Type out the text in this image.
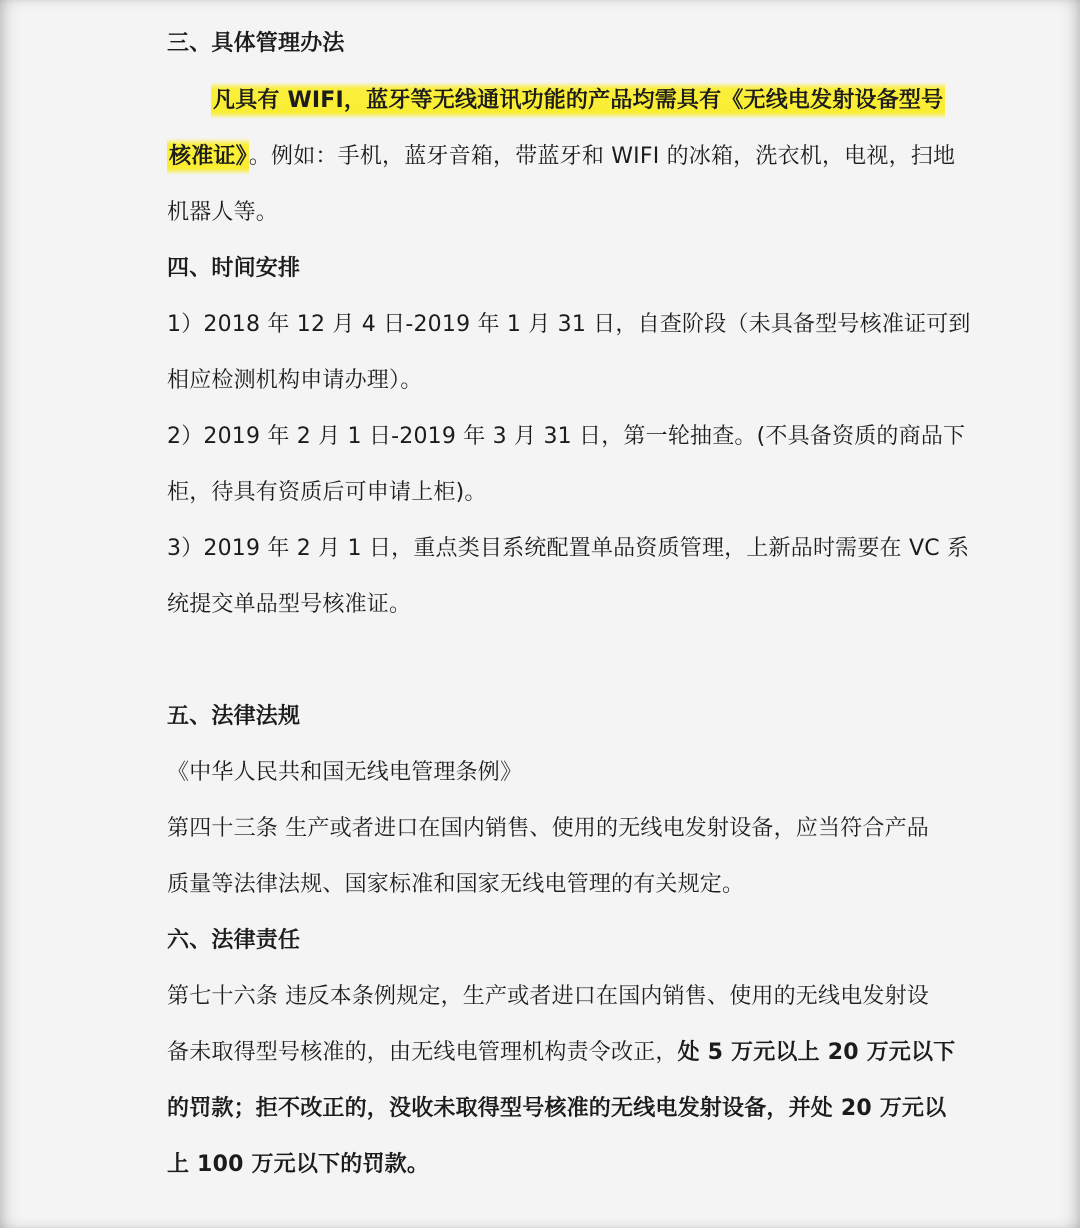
三、具体管理办法
凡具有 WIFI，蓝牙等无线通讯功能的产品均需具有《无线电发射设备型号
核准证》。例如：手机，蓝牙音箱，带蓝牙和 WIFI 的冰箱，洗衣机，电视，扫地
机器人等。
四、时间安排
1）2018 年 12 月 4 日-2019 年 1 月 31 日，自查阶段（未具备型号核准证可到
相应检测机构申请办理）。
2）2019 年 2 月 1 日-2019 年 3 月 31 日，第一轮抽查。(不具备资质的商品下
柜，待具有资质后可申请上柜)。
3）2019 年 2 月 1 日，重点类目系统配置单品资质管理，上新品时需要在 VC 系
统提交单品型号核准证。
五、法律法规
《中华人民共和国无线电管理条例》
第四十三条 生产或者进口在国内销售、使用的无线电发射设备，应当符合产品
质量等法律法规、国家标准和国家无线电管理的有关规定。
六、法律责任
第七十六条 违反本条例规定，生产或者进口在国内销售、使用的无线电发射设
备未取得型号核准的，由无线电管理机构责令改正，处 5 万元以上 20 万元以下
的罚款；拒不改正的，没收未取得型号核准的无线电发射设备，并处 20 万元以
上 100 万元以下的罚款。
